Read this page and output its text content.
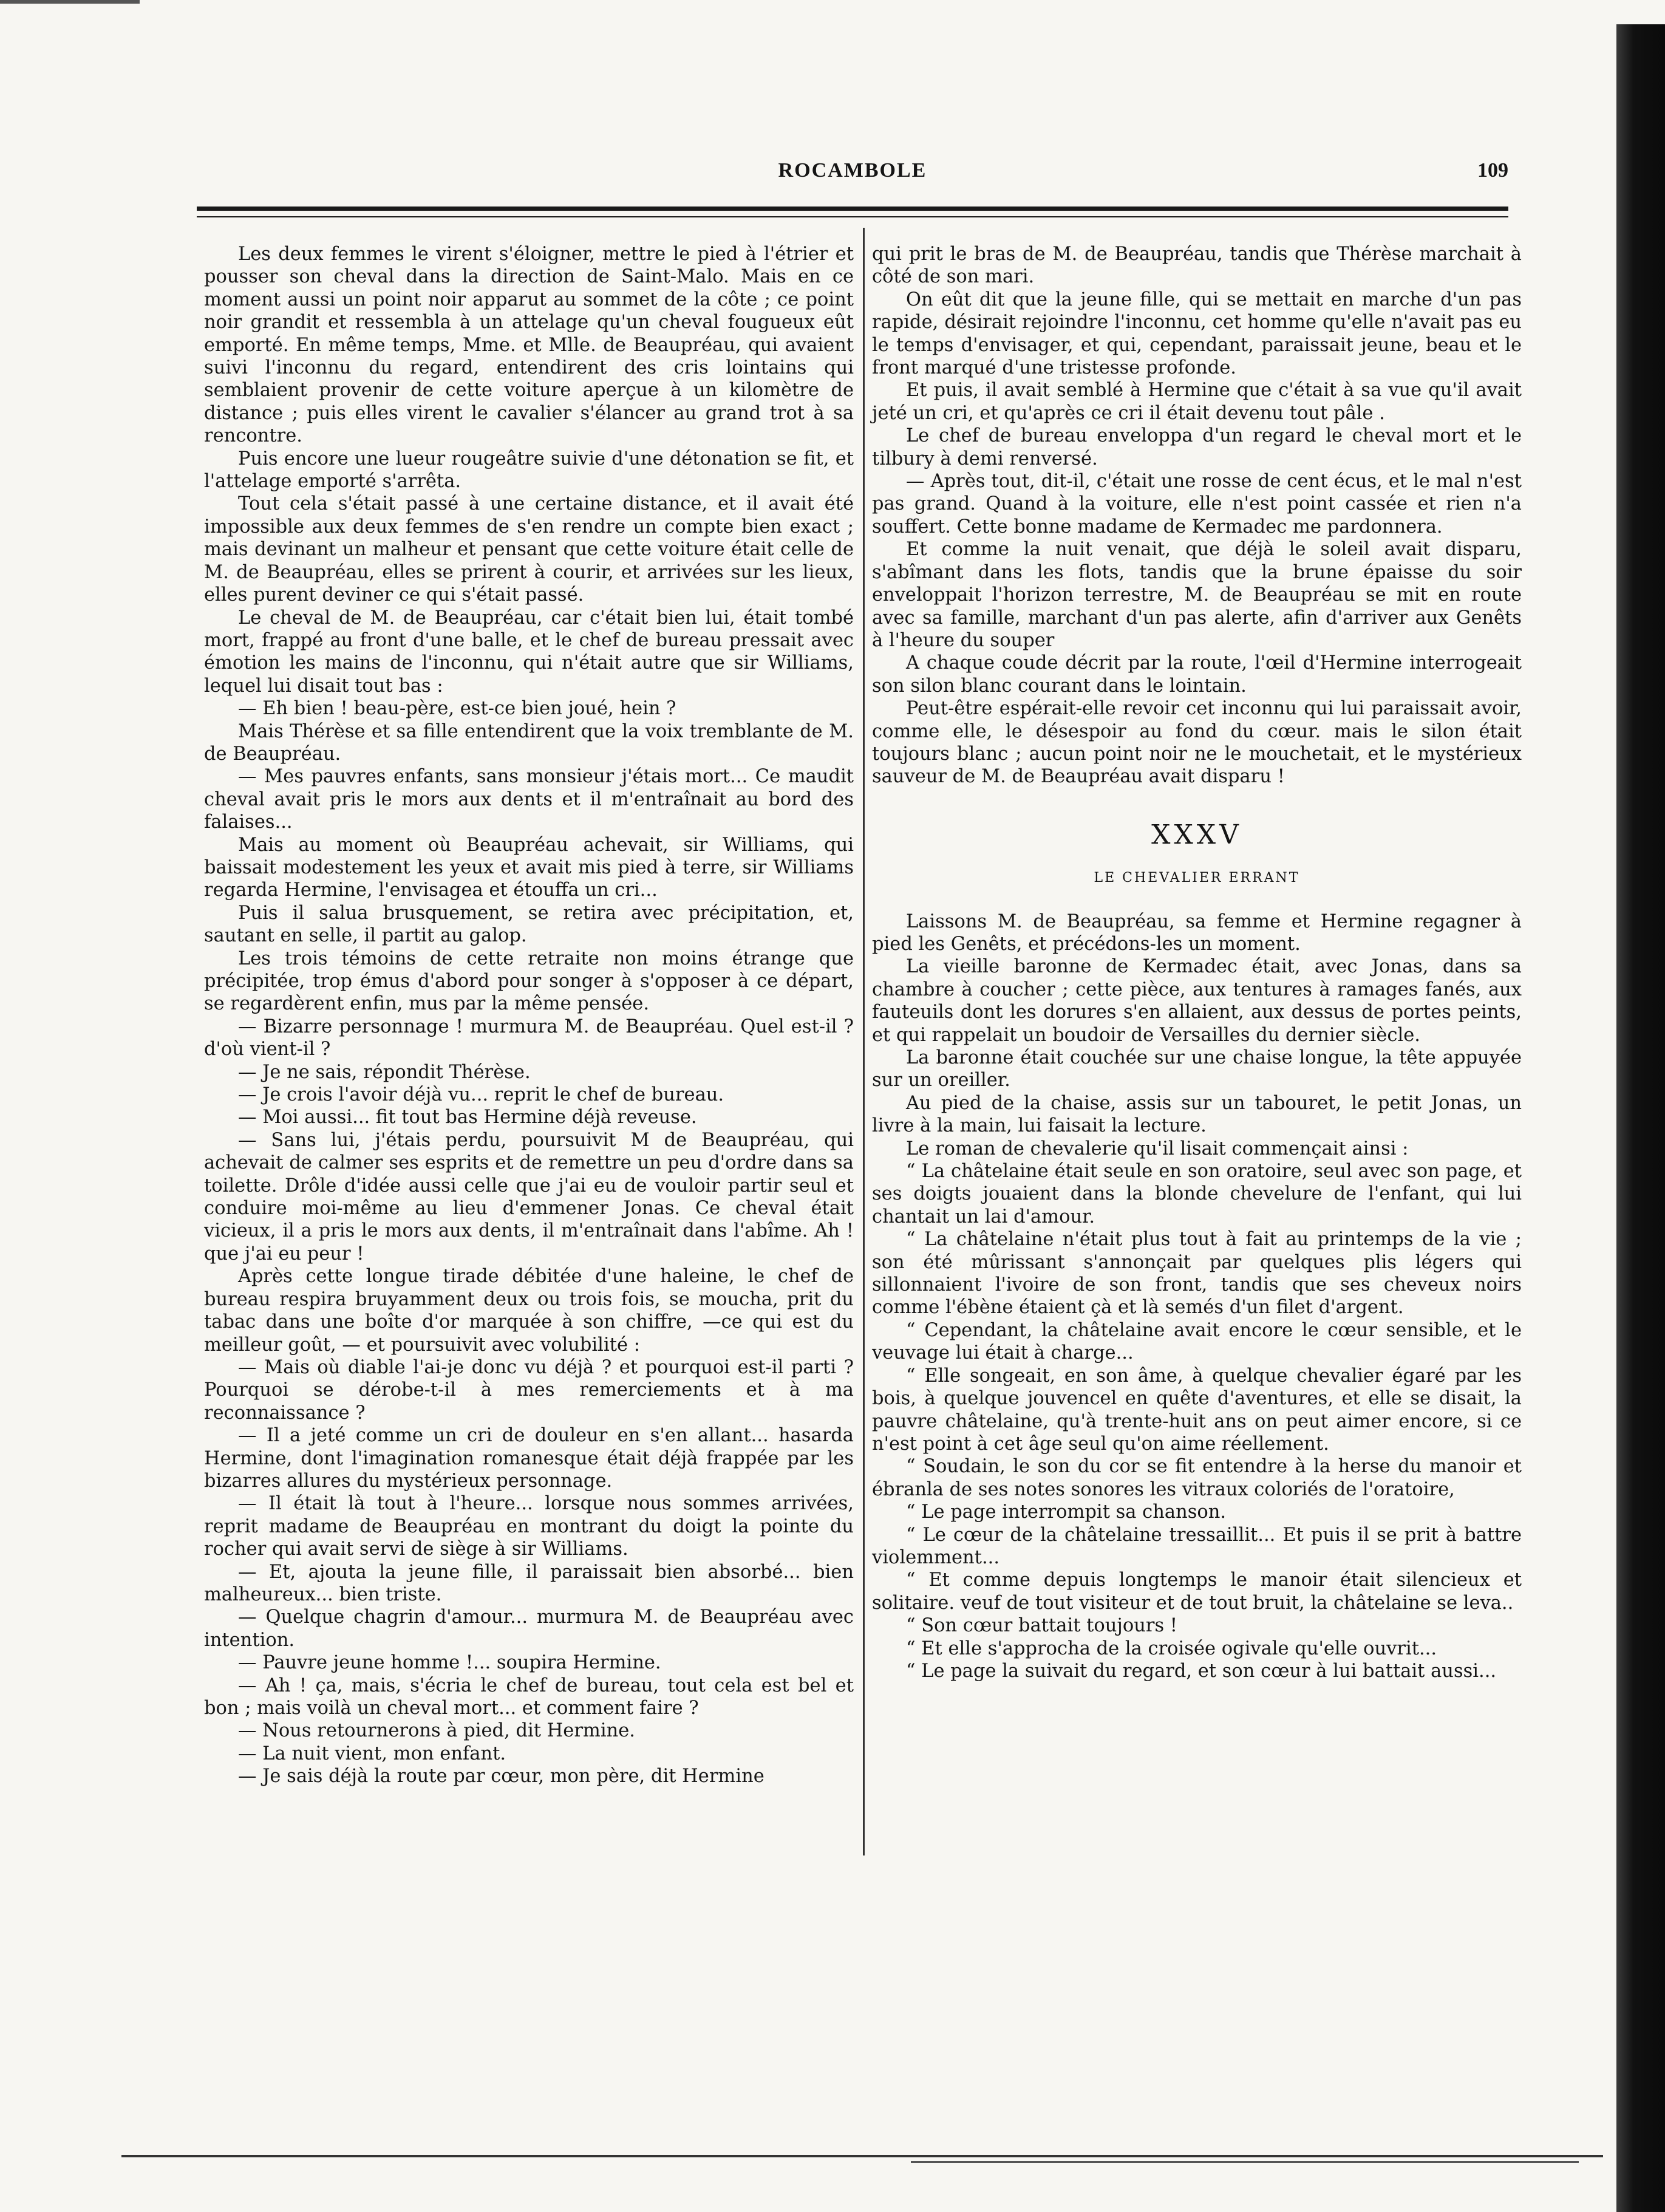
ROCAMBOLE	109

Les deux femmes le virent s'éloigner, mettre le pied à l'étrier et pousser son cheval dans la direction de Saint-Malo. Mais en ce moment aussi un point noir apparut au sommet de la côte ; ce point noir grandit et ressembla à un attelage qu'un cheval fougueux eût emporté. En même temps, Mme. et Mlle. de Beaupréau, qui avaient suivi l'inconnu du regard, entendirent des cris lointains qui semblaient provenir de cette voiture aperçue à un kilomètre de distance ; puis elles virent le cavalier s'élancer au grand trot à sa rencontre.

Puis encore une lueur rougeâtre suivie d'une détonation se fit, et l'attelage emporté s'arrêta.

Tout cela s'était passé à une certaine distance, et il avait été impossible aux deux femmes de s'en rendre un compte bien exact ; mais devinant un malheur et pensant que cette voiture était celle de M. de Beaupréau, elles se prirent à courir, et arrivées sur les lieux, elles purent deviner ce qui s'était passé.

Le cheval de M. de Beaupréau, car c'était bien lui, était tombé mort, frappé au front d'une balle, et le chef de bureau pressait avec émotion les mains de l'inconnu, qui n'était autre que sir Williams, lequel lui disait tout bas :

— Eh bien ! beau-père, est-ce bien joué, hein ?

Mais Thérèse et sa fille entendirent que la voix tremblante de M. de Beaupréau.

— Mes pauvres enfants, sans monsieur j'étais mort... Ce maudit cheval avait pris le mors aux dents et il m'entraînait au bord des falaises...

Mais au moment où Beaupréau achevait, sir Williams, qui baissait modestement les yeux et avait mis pied à terre, sir Williams regarda Hermine, l'envisagea et étouffa un cri...

Puis il salua brusquement, se retira avec précipitation, et, sautant en selle, il partit au galop.

Les trois témoins de cette retraite non moins étrange que précipitée, trop émus d'abord pour songer à s'opposer à ce départ, se regardèrent enfin, mus par la même pensée.

— Bizarre personnage ! murmura M. de Beaupréau. Quel est-il ? d'où vient-il ?

— Je ne sais, répondit Thérèse.

— Je crois l'avoir déjà vu... reprit le chef de bureau.

— Moi aussi... fit tout bas Hermine déjà reveuse.

— Sans lui, j'étais perdu, poursuivit M de Beaupréau, qui achevait de calmer ses esprits et de remettre un peu d'ordre dans sa toilette. Drôle d'idée aussi celle que j'ai eu de vouloir partir seul et conduire moi-même au lieu d'emmener Jonas. Ce cheval était vicieux, il a pris le mors aux dents, il m'entraînait dans l'abîme. Ah ! que j'ai eu peur !

Après cette longue tirade débitée d'une haleine, le chef de bureau respira bruyamment deux ou trois fois, se moucha, prit du tabac dans une boîte d'or marquée à son chiffre, —ce qui est du meilleur goût, — et poursuivit avec volubilité :

— Mais où diable l'ai-je donc vu déjà ? et pourquoi est-il parti ? Pourquoi se dérobe-t-il à mes remerciements et à ma reconnaissance ?

— Il a jeté comme un cri de douleur en s'en allant... hasarda Hermine, dont l'imagination romanesque était déjà frappée par les bizarres allures du mystérieux personnage.

— Il était là tout à l'heure... lorsque nous sommes arrivées, reprit madame de Beaupréau en montrant du doigt la pointe du rocher qui avait servi de siège à sir Williams.

— Et, ajouta la jeune fille, il paraissait bien absorbé... bien malheureux... bien triste.

— Quelque chagrin d'amour... murmura M. de Beaupréau avec intention.

— Pauvre jeune homme !... soupira Hermine.

— Ah ! ça, mais, s'écria le chef de bureau, tout cela est bel et bon ; mais voilà un cheval mort... et comment faire ?

— Nous retournerons à pied, dit Hermine.

— La nuit vient, mon enfant.

— Je sais déjà la route par cœur, mon père, dit Hermine

qui prit le bras de M. de Beaupréau, tandis que Thérèse marchait à côté de son mari.

On eût dit que la jeune fille, qui se mettait en marche d'un pas rapide, désirait rejoindre l'inconnu, cet homme qu'elle n'avait pas eu le temps d'envisager, et qui, cependant, paraissait jeune, beau et le front marqué d'une tristesse profonde.

Et puis, il avait semblé à Hermine que c'était à sa vue qu'il avait jeté un cri, et qu'après ce cri il était devenu tout pâle .

Le chef de bureau enveloppa d'un regard le cheval mort et le tilbury à demi renversé.

— Après tout, dit-il, c'était une rosse de cent écus, et le mal n'est pas grand. Quand à la voiture, elle n'est point cassée et rien n'a souffert. Cette bonne madame de Kermadec me pardonnera.

Et comme la nuit venait, que déjà le soleil avait disparu, s'abîmant dans les flots, tandis que la brune épaisse du soir enveloppait l'horizon terrestre, M. de Beaupréau se mit en route avec sa famille, marchant d'un pas alerte, afin d'arriver aux Genêts à l'heure du souper

A chaque coude décrit par la route, l'œil d'Hermine interrogeait son silon blanc courant dans le lointain.

Peut-être espérait-elle revoir cet inconnu qui lui paraissait avoir, comme elle, le désespoir au fond du cœur. mais le silon était toujours blanc ; aucun point noir ne le mouchetait, et le mystérieux sauveur de M. de Beaupréau avait disparu !

XXXV
LE CHEVALIER ERRANT

Laissons M. de Beaupréau, sa femme et Hermine regagner à pied les Genêts, et précédons-les un moment.

La vieille baronne de Kermadec était, avec Jonas, dans sa chambre à coucher ; cette pièce, aux tentures à ramages fanés, aux fauteuils dont les dorures s'en allaient, aux dessus de portes peints, et qui rappelait un boudoir de Versailles du dernier siècle.

La baronne était couchée sur une chaise longue, la tête appuyée sur un oreiller.

Au pied de la chaise, assis sur un tabouret, le petit Jonas, un livre à la main, lui faisait la lecture.

Le roman de chevalerie qu'il lisait commençait ainsi :

“ La châtelaine était seule en son oratoire, seul avec son page, et ses doigts jouaient dans la blonde chevelure de l'enfant, qui lui chantait un lai d'amour.

“ La châtelaine n'était plus tout à fait au printemps de la vie ; son été mûrissant s'annonçait par quelques plis légers qui sillonnaient l'ivoire de son front, tandis que ses cheveux noirs comme l'ébène étaient çà et là semés d'un filet d'argent.

“ Cependant, la châtelaine avait encore le cœur sensible, et le veuvage lui était à charge...

“ Elle songeait, en son âme, à quelque chevalier égaré par les bois, à quelque jouvencel en quête d'aventures, et elle se disait, la pauvre châtelaine, qu'à trente-huit ans on peut aimer encore, si ce n'est point à cet âge seul qu'on aime réellement.

“ Soudain, le son du cor se fit entendre à la herse du manoir et ébranla de ses notes sonores les vitraux coloriés de l'oratoire,

“ Le page interrompit sa chanson.

“ Le cœur de la châtelaine tressaillit... Et puis il se prit à battre violemment...

“ Et comme depuis longtemps le manoir était silencieux et solitaire. veuf de tout visiteur et de tout bruit, la châtelaine se leva..

“ Son cœur battait toujours !

“ Et elle s'approcha de la croisée ogivale qu'elle ouvrit...

“ Le page la suivait du regard, et son cœur à lui battait aussi...
